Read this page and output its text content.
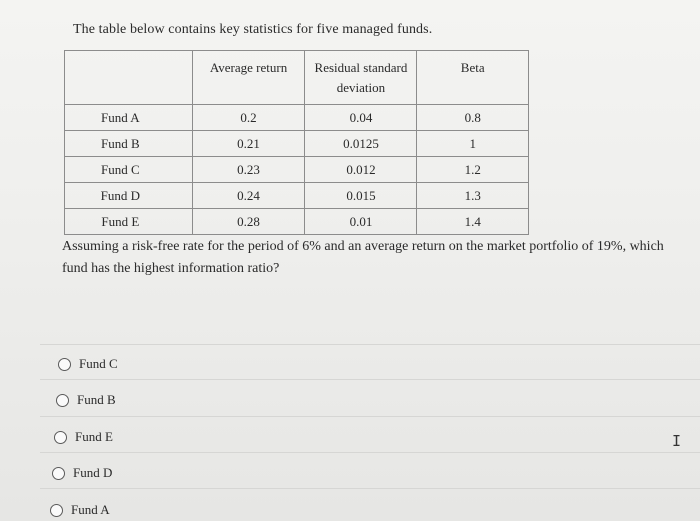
The table below contains key statistics for five managed funds.
	Average return	Residual standard deviation	Beta
Fund A	0.2	0.04	0.8
Fund B	0.21	0.0125	1
Fund C	0.23	0.012	1.2
Fund D	0.24	0.015	1.3
Fund E	0.28	0.01	1.4
Assuming a risk-free rate for the period of 6% and an average return on the market portfolio of 19%, which fund has the highest information ratio?
Fund C
Fund B
Fund E
Fund D
Fund A
I
